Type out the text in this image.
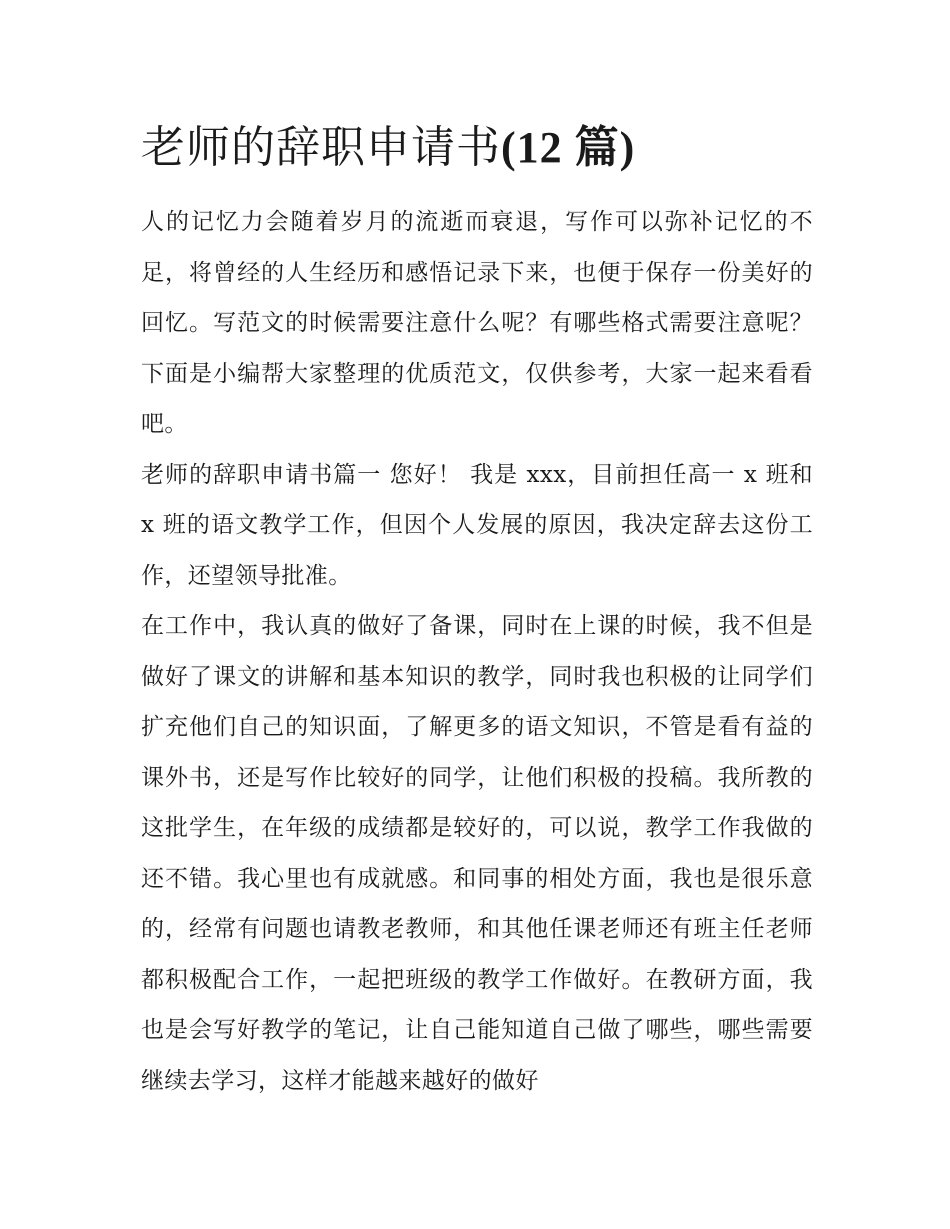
老师的辞职申请书(12 篇)

人的记忆力会随着岁月的流逝而衰退，写作可以弥补记忆的不足，将曾经的人生经历和感悟记录下来，也便于保存一份美好的回忆。写范文的时候需要注意什么呢？有哪些格式需要注意呢？下面是小编帮大家整理的优质范文，仅供参考，大家一起来看看吧。

老师的辞职申请书篇一 您好！ 我是 xxx，目前担任高一 x 班和 x 班的语文教学工作，但因个人发展的原因，我决定辞去这份工作，还望领导批准。

在工作中，我认真的做好了备课，同时在上课的时候，我不但是做好了课文的讲解和基本知识的教学，同时我也积极的让同学们扩充他们自己的知识面，了解更多的语文知识，不管是看有益的课外书，还是写作比较好的同学，让他们积极的投稿。我所教的这批学生，在年级的成绩都是较好的，可以说，教学工作我做的还不错。我心里也有成就感。和同事的相处方面，我也是很乐意的，经常有问题也请教老教师，和其他任课老师还有班主任老师都积极配合工作，一起把班级的教学工作做好。在教研方面，我也是会写好教学的笔记，让自己能知道自己做了哪些，哪些需要继续去学习，这样才能越来越好的做好
